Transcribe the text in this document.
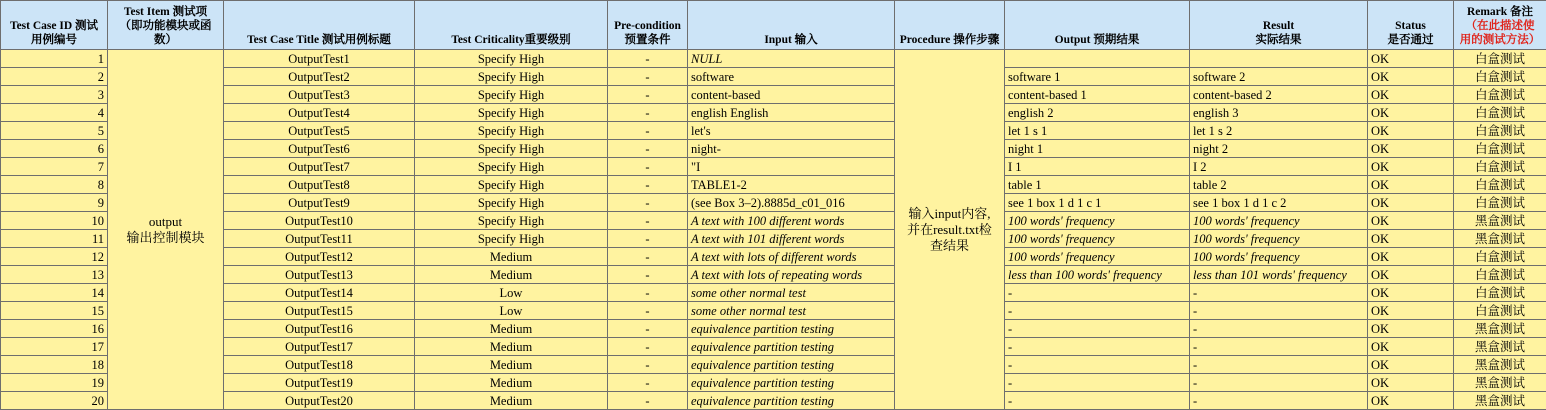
Test Case ID 测试
用例编号	Test Item 测试项
（即功能模块或函
数）	Test Case Title 测试用例标题	Test Criticality重要级别	Pre-condition
预置条件	Input 输入	Procedure 操作步骤	Output 预期结果	Result
实际结果	Status
是否通过	Remark 备注（在此描述使
用的测试方法）

1	output
输出控制模块	OutputTest1	Specify High	-	NULL	输入input内容,
并在result.txt检
查结果			OK	白盒测试
2		OutputTest2	Specify High	-	software		software 1	software 2	OK	白盒测试
3		OutputTest3	Specify High	-	content-based		content-based 1	content-based 2	OK	白盒测试
4		OutputTest4	Specify High	-	english English		english 2	english 3	OK	白盒测试
5		OutputTest5	Specify High	-	let's		let 1 s 1	let 1 s 2	OK	白盒测试
6		OutputTest6	Specify High	-	night-		night 1	night 2	OK	白盒测试
7		OutputTest7	Specify High	-	"I		I 1	I 2	OK	白盒测试
8		OutputTest8	Specify High	-	TABLE1-2		table 1	table 2	OK	白盒测试
9		OutputTest9	Specify High	-	(see Box 3–2).8885d_c01_016		see 1 box 1 d 1 c 1	see 1 box 1 d 1 c 2	OK	白盒测试
10		OutputTest10	Specify High	-	A text with 100 different words		100 words' frequency	100 words' frequency	OK	黑盒测试
11		OutputTest11	Specify High	-	A text with 101 different words		100 words' frequency	100 words' frequency	OK	黑盒测试
12		OutputTest12	Medium	-	A text with lots of different words		100 words' frequency	100 words' frequency	OK	白盒测试
13		OutputTest13	Medium	-	A text with lots of repeating words		less than 100 words' frequency	less than 101 words' frequency	OK	白盒测试
14		OutputTest14	Low	-	some other normal test		-	-	OK	白盒测试
15		OutputTest15	Low	-	some other normal test		-	-	OK	白盒测试
16		OutputTest16	Medium	-	equivalence partition testing		-	-	OK	黑盒测试
17		OutputTest17	Medium	-	equivalence partition testing		-	-	OK	黑盒测试
18		OutputTest18	Medium	-	equivalence partition testing		-	-	OK	黑盒测试
19		OutputTest19	Medium	-	equivalence partition testing		-	-	OK	黑盒测试
20		OutputTest20	Medium	-	equivalence partition testing		-	-	OK	黑盒测试
